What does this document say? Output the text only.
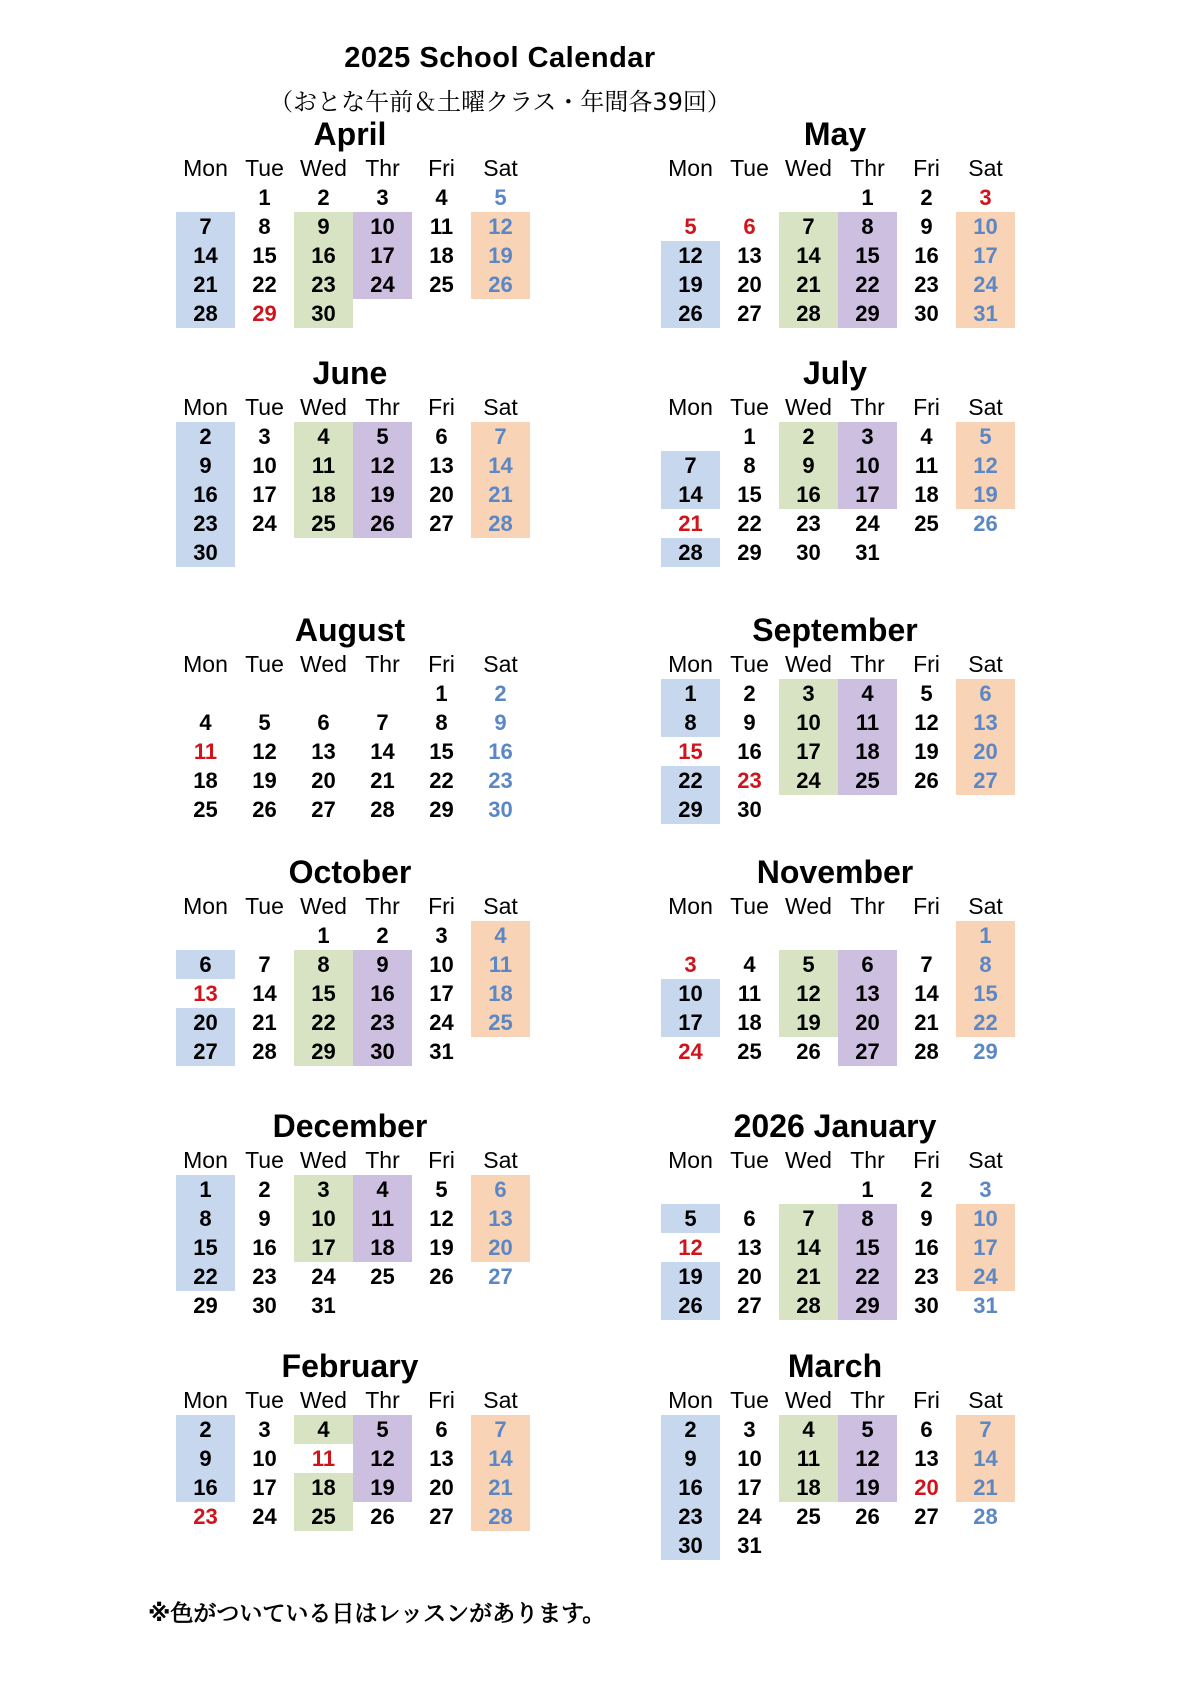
2025 School Calendar
（おとな午前＆土曜クラス・年間各39回）
April
Mon	Tue	Wed	Thr	Fri	Sat
	1	2	3	4	5
7	8	9	10	11	12
14	15	16	17	18	19
21	22	23	24	25	26
28	29	30			
May
Mon	Tue	Wed	Thr	Fri	Sat
			1	2	3
5	6	7	8	9	10
12	13	14	15	16	17
19	20	21	22	23	24
26	27	28	29	30	31
June
Mon	Tue	Wed	Thr	Fri	Sat
2	3	4	5	6	7
9	10	11	12	13	14
16	17	18	19	20	21
23	24	25	26	27	28
30					
July
Mon	Tue	Wed	Thr	Fri	Sat
	1	2	3	4	5
7	8	9	10	11	12
14	15	16	17	18	19
21	22	23	24	25	26
28	29	30	31		
August
Mon	Tue	Wed	Thr	Fri	Sat
				1	2
4	5	6	7	8	9
11	12	13	14	15	16
18	19	20	21	22	23
25	26	27	28	29	30
September
Mon	Tue	Wed	Thr	Fri	Sat
1	2	3	4	5	6
8	9	10	11	12	13
15	16	17	18	19	20
22	23	24	25	26	27
29	30				
October
Mon	Tue	Wed	Thr	Fri	Sat
		1	2	3	4
6	7	8	9	10	11
13	14	15	16	17	18
20	21	22	23	24	25
27	28	29	30	31	
November
Mon	Tue	Wed	Thr	Fri	Sat
					1
3	4	5	6	7	8
10	11	12	13	14	15
17	18	19	20	21	22
24	25	26	27	28	29
December
Mon	Tue	Wed	Thr	Fri	Sat
1	2	3	4	5	6
8	9	10	11	12	13
15	16	17	18	19	20
22	23	24	25	26	27
29	30	31			
2026 January
Mon	Tue	Wed	Thr	Fri	Sat
			1	2	3
5	6	7	8	9	10
12	13	14	15	16	17
19	20	21	22	23	24
26	27	28	29	30	31
February
Mon	Tue	Wed	Thr	Fri	Sat
2	3	4	5	6	7
9	10	11	12	13	14
16	17	18	19	20	21
23	24	25	26	27	28
March
Mon	Tue	Wed	Thr	Fri	Sat
2	3	4	5	6	7
9	10	11	12	13	14
16	17	18	19	20	21
23	24	25	26	27	28
30	31				
※色がついている日はレッスンがあります。
